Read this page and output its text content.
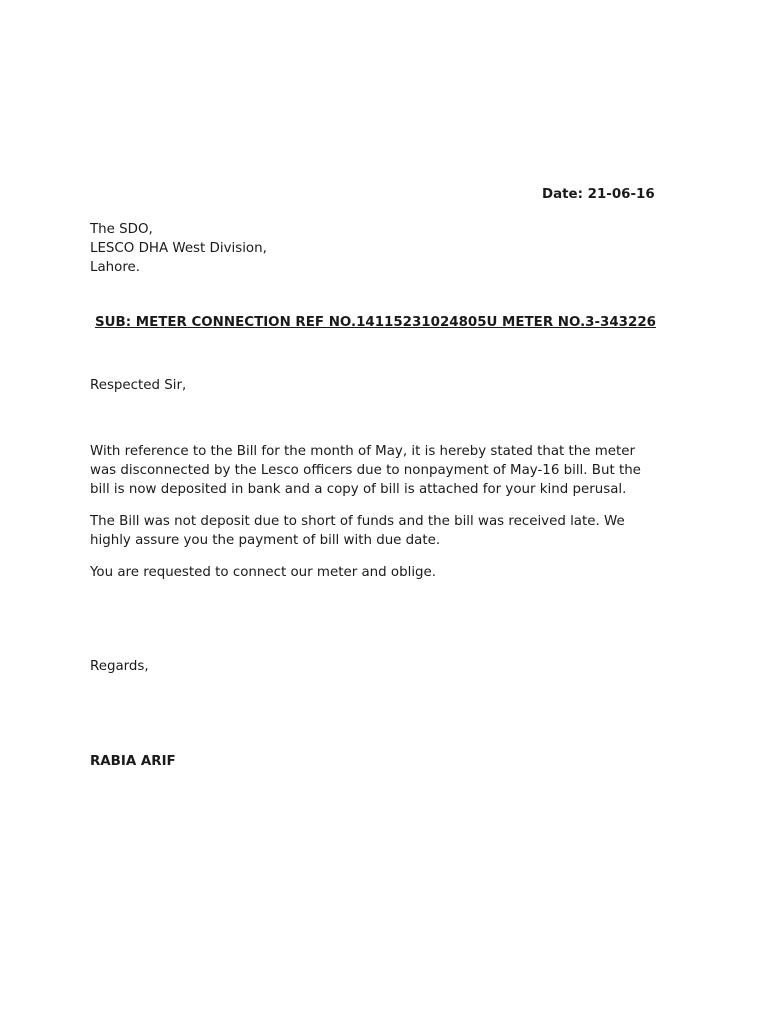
Date: 21-06-16
The SDO,
LESCO DHA West Division,
Lahore.
SUB: METER CONNECTION REF NO.14115231024805U METER NO.3-343226
Respected Sir,
With reference to the Bill for the month of May, it is hereby stated that the meter
was disconnected by the Lesco officers due to nonpayment of May-16 bill. But the
bill is now deposited in bank and a copy of bill is attached for your kind perusal.
The Bill was not deposit due to short of funds and the bill was received late. We
highly assure you the payment of bill with due date.
You are requested to connect our meter and oblige.
Regards,
RABIA ARIF
